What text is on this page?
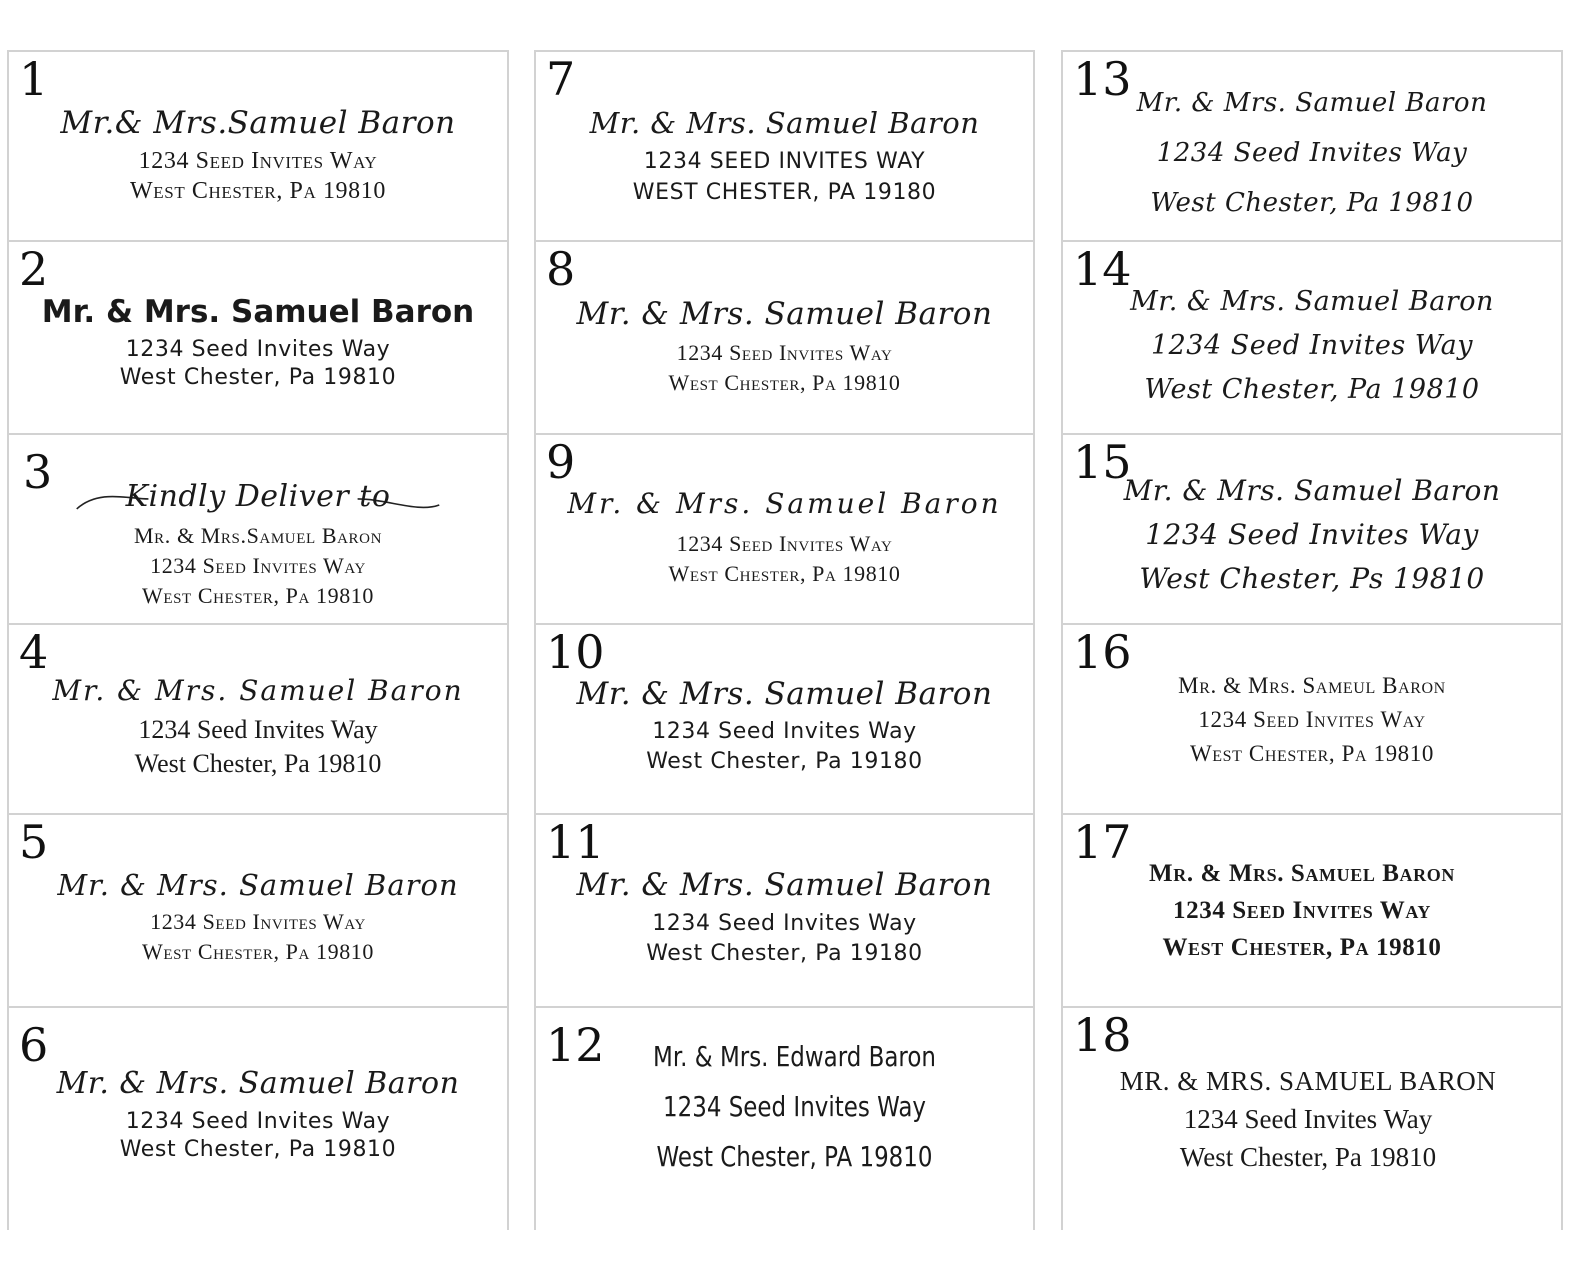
1
Mr.& Mrs.Samuel Baron
1234 Seed Invites Way
West Chester, Pa 19810
2
Mr. & Mrs. Samuel Baron
1234 Seed Invites Way
West Chester, Pa 19810
3	Kindly Deliver to
Mr. & Mrs.Samuel Baron
1234 Seed Invites Way
West Chester, Pa 19810
4
Mr. & Mrs. Samuel Baron
1234 Seed Invites Way
West Chester, Pa 19810
5
Mr. & Mrs. Samuel Baron
1234 Seed Invites Way
West Chester, Pa 19810
6
Mr. & Mrs. Samuel Baron
1234 Seed Invites Way
West Chester, Pa 19810
7
Mr. & Mrs. Samuel Baron
1234 SEED INVITES WAY
WEST CHESTER, PA 19180
8
Mr. & Mrs. Samuel Baron
1234 Seed Invites Way
West Chester, Pa 19810
9
Mr. & Mrs. Samuel Baron
1234 Seed Invites Way
West Chester, Pa 19810
10
Mr. & Mrs. Samuel Baron
1234 Seed Invites Way
West Chester, Pa 19180
11
Mr. & Mrs. Samuel Baron
1234 Seed Invites Way
West Chester, Pa 19180
12	Mr. & Mrs. Edward Baron
1234 Seed Invites Way
West Chester, PA 19810
13 Mr. & Mrs. Samuel Baron
1234 Seed Invites Way
West Chester, Pa 19810
14
Mr. & Mrs. Samuel Baron
1234 Seed Invites Way
West Chester, Pa 19810
15
Mr. & Mrs. Samuel Baron
1234 Seed Invites Way
West Chester, Ps 19810
16
Mr. & Mrs. Sameul Baron
1234 Seed Invites Way
West Chester, Pa 19810
17
Mr. & Mrs. Samuel Baron
1234 Seed Invites Way
West Chester, Pa 19810
18
MR. & MRS. SAMUEL BARON
1234 Seed Invites Way
West Chester, Pa 19810
